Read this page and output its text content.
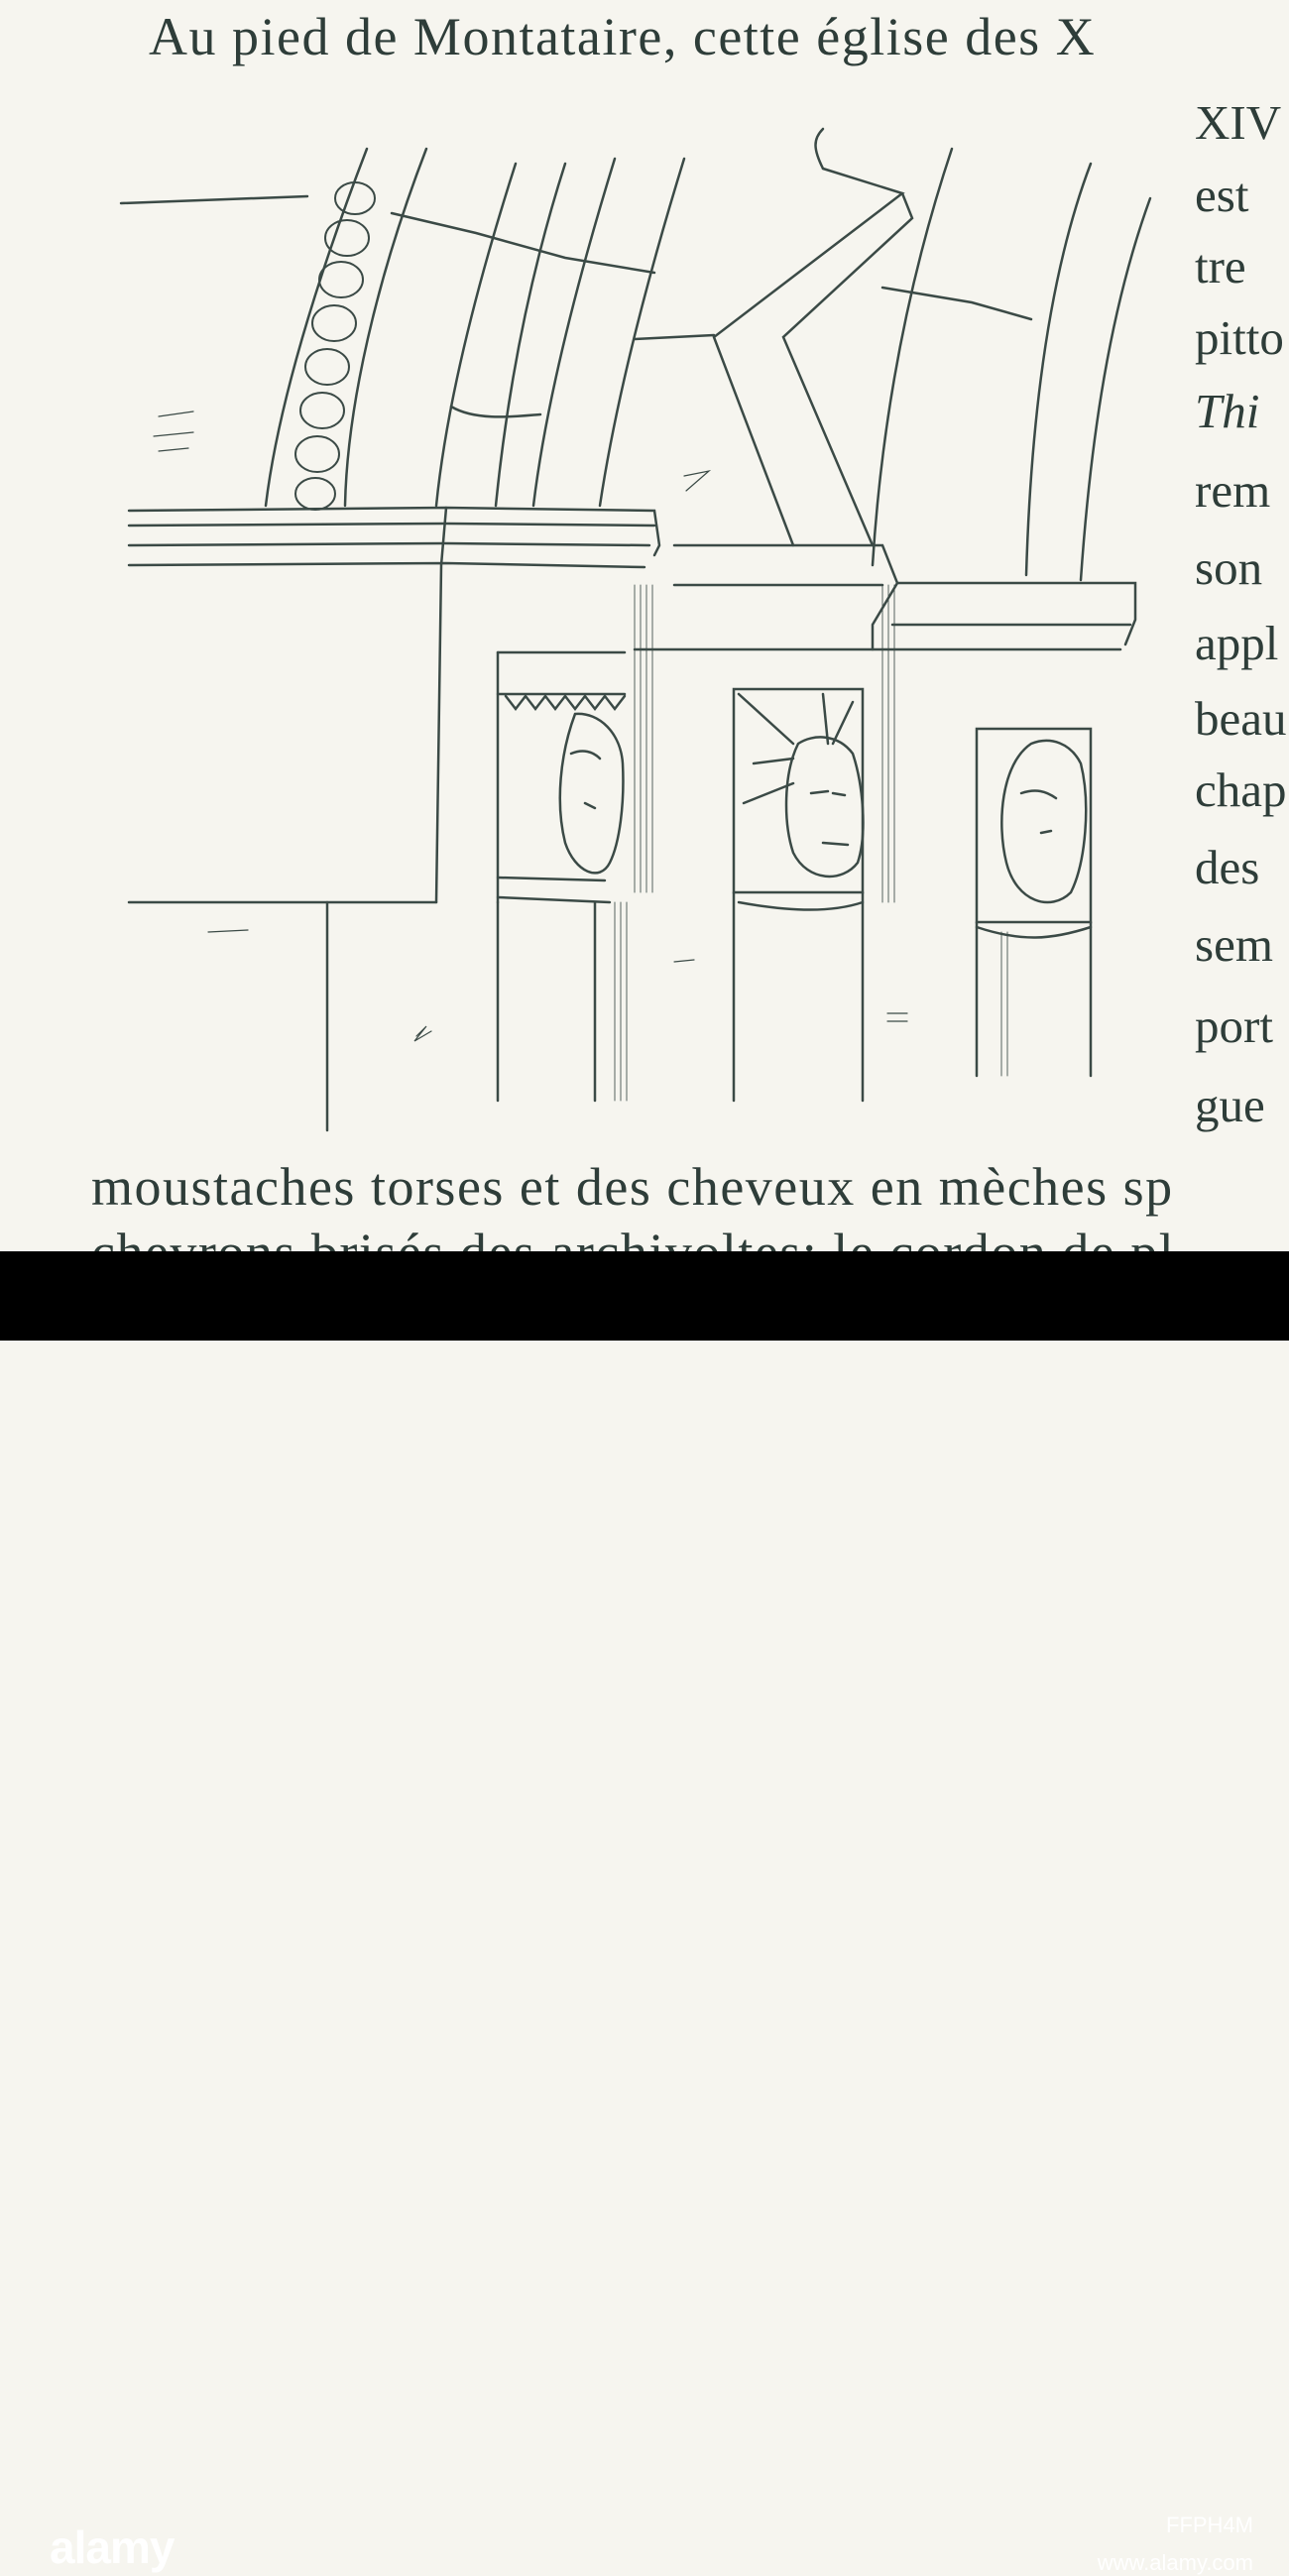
Au pied de Montataire, cette église des X
XIV
est
tre
pitto
Thi
rem
son
appl
beau
chap
des
sem
port
gue
moustaches torses et des cheveux en mèches sp
alamy	FFPH4M
www.alamy.com
